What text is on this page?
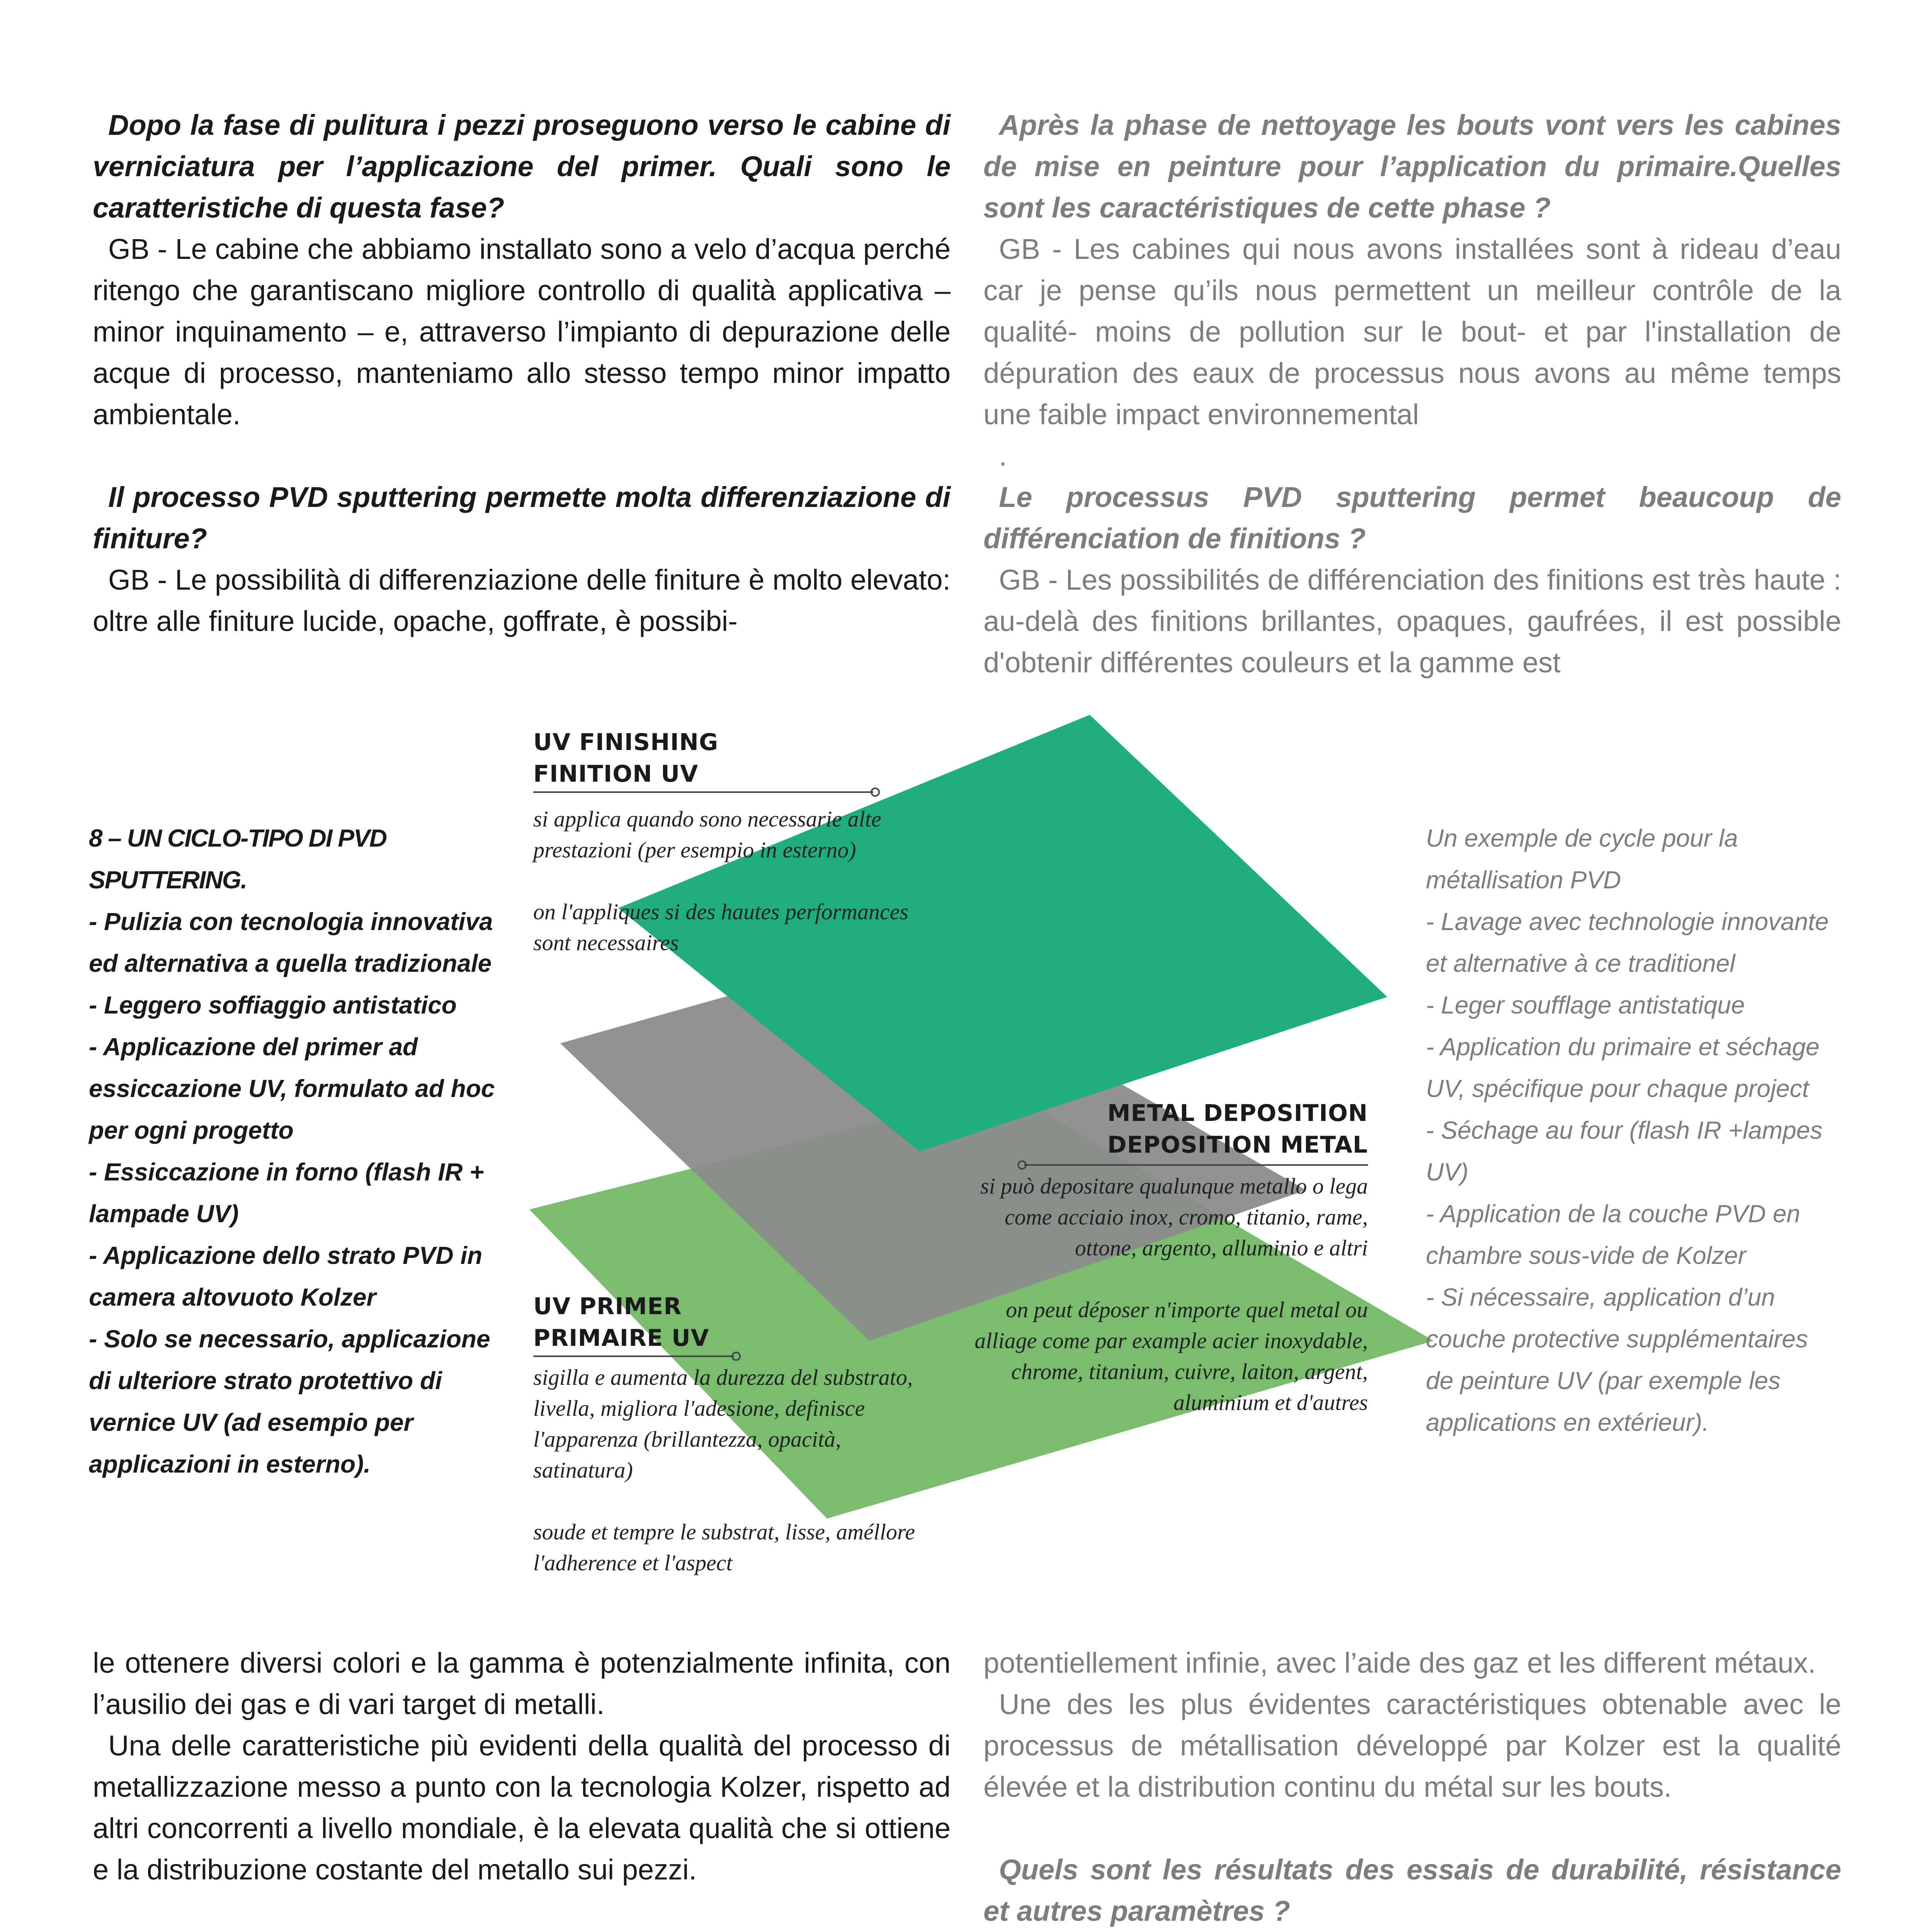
Dopo la fase di pulitura i pezzi proseguono verso le cabine di verniciatura per l’applicazione del primer. Quali sono le caratteristiche di questa fase?

GB - Le cabine che abbiamo installato sono a velo d’acqua perché ritengo che garantiscano migliore controllo di qualità applicativa – minor inquinamento – e, attraverso l’impianto di depurazione delle acque di processo, manteniamo allo stesso tempo minor impatto ambientale.

Il processo PVD sputtering permette molta differenziazione di finiture?

GB - Le possibilità di differenziazione delle finiture è molto elevato: oltre alle finiture lucide, opache, goffrate, è possibi-

Après la phase de nettoyage les bouts vont vers les cabines de mise en peinture pour l’application du primaire.Quelles sont les caractéristiques de cette phase ?

GB - Les cabines qui nous avons installées sont à rideau d’eau car je pense qu’ils nous permettent un meilleur contrôle de la qualité- moins de pollution sur le bout- et par l'installation de dépuration des eaux de processus nous avons au même temps une faible impact environnemental

.

Le processus PVD sputtering permet beaucoup de différenciation de finitions ?

GB - Les possibilités de différenciation des finitions est très haute : au-delà des finitions brillantes, opaques, gaufrées, il est possible d'obtenir différentes couleurs et la gamme est

8 – UN CICLO-TIPO DI PVD SPUTTERING.

- Pulizia con tecnologia innovativa ed alternativa a quella tradizionale

- Leggero soffiaggio antistatico

- Applicazione del primer ad essiccazione UV, formulato ad hoc per ogni progetto

- Essiccazione in forno (flash IR + lampade UV)

- Applicazione dello strato PVD in camera altovuoto Kolzer

- Solo se necessario, applicazione di ulteriore strato protettivo di vernice UV (ad esempio per applicazioni in esterno).

Un exemple de cycle pour la métallisation PVD

- Lavage avec technologie innovante et alternative à ce traditionel

- Leger soufflage antistatique

- Application du primaire et séchage UV, spécifique pour chaque project

- Séchage au four (flash IR +lampes UV)

- Application de la couche PVD en chambre sous-vide de Kolzer

- Si nécessaire, application d’un couche protective supplémentaires de peinture UV (par exemple les applications en extérieur).

UV FINISHING
FINITION UV

si applica quando sono necessarie alte prestazioni (per esempio in esterno)

on l'appliques si des hautes performances sont necessaires

METAL DEPOSITION
DEPOSITION METAL

si può depositare qualunque metallo o lega come acciaio inox, cromo, titanio, rame, ottone, argento, alluminio e altri

on peut déposer n'importe quel metal ou alliage come par example acier inoxydable, chrome, titanium, cuivre, laiton, argent, aluminium et d'autres

UV PRIMER
PRIMAIRE UV

sigilla e aumenta la durezza del substrato, livella, migliora l'adesione, definisce l'apparenza (brillantezza, opacità, satinatura)

soude et tempre le substrat, lisse, améllore l'adherence et l'aspect

le ottenere diversi colori e la gamma è potenzialmente infinita, con l’ausilio dei gas e di vari target di metalli.

Una delle caratteristiche più evidenti della qualità del processo di metallizzazione messo a punto con la tecnologia Kolzer, rispetto ad altri concorrenti a livello mondiale, è la elevata qualità che si ottiene e la distribuzione costante del metallo sui pezzi.

potentiellement infinie, avec l’aide des gaz et les different métaux.

Une des les plus évidentes caractéristiques obtenable avec le processus de métallisation développé par Kolzer est la qualité élevée et la distribution continu du métal sur les bouts.

Quels sont les résultats des essais de durabilité, résistance et autres paramètres ?
